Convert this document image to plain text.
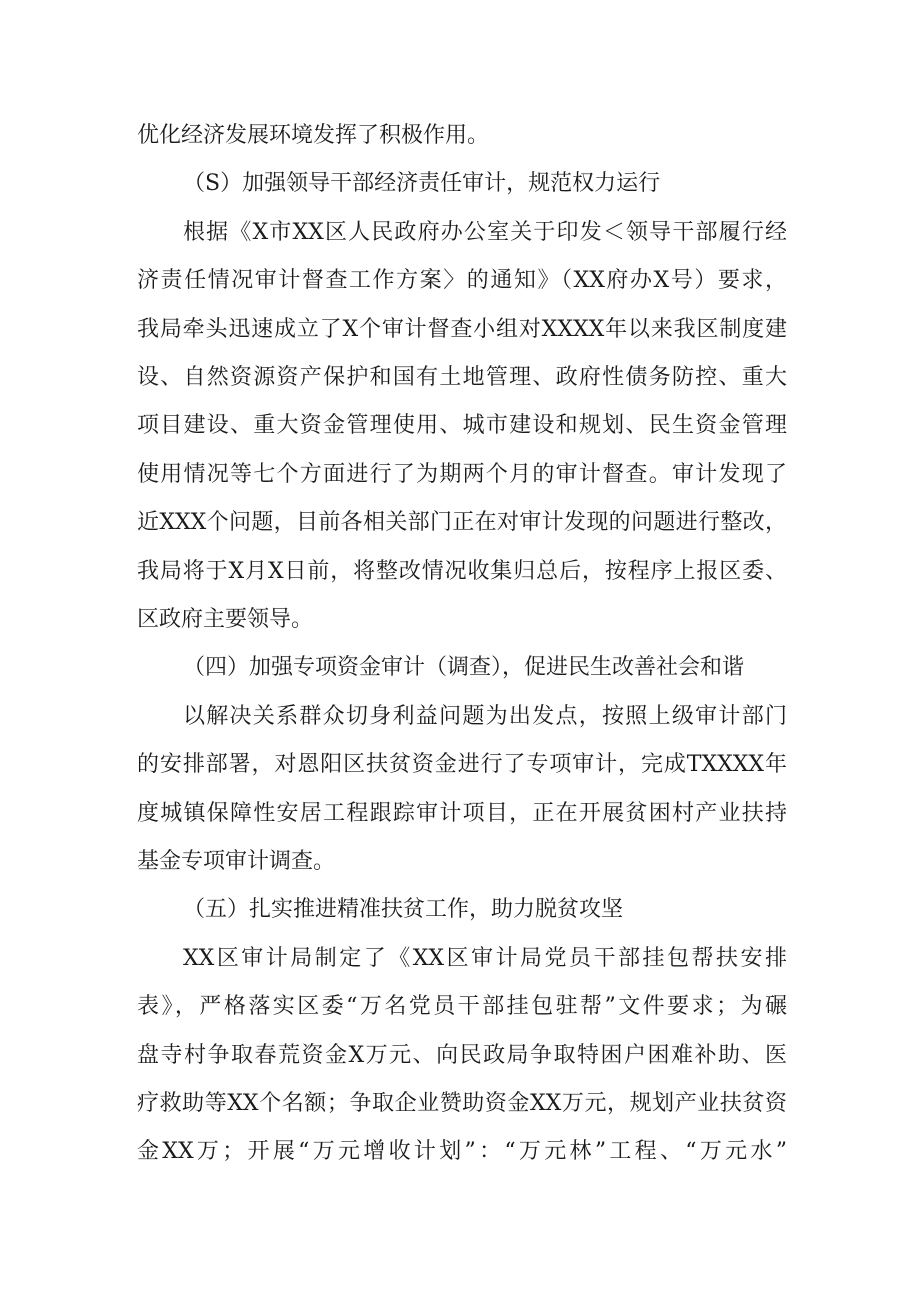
优化经济发展环境发挥了积极作用。
（S）加强领导干部经济责任审计，规范权力运行
根据《X市XX区人民政府办公室关于印发＜领导干部履行经
济责任情况审计督查工作方案〉的通知》（XX府办X号）要求，
我局牵头迅速成立了X个审计督查小组对XXXX年以来我区制度建
设、自然资源资产保护和国有土地管理、政府性债务防控、重大
项目建设、重大资金管理使用、城市建设和规划、民生资金管理
使用情况等七个方面进行了为期两个月的审计督查。审计发现了
近XXX个问题，目前各相关部门正在对审计发现的问题进行整改，
我局将于X月X日前，将整改情况收集归总后，按程序上报区委、
区政府主要领导。
（四）加强专项资金审计（调查），促进民生改善社会和谐
以解决关系群众切身利益问题为出发点，按照上级审计部门
的安排部署，对恩阳区扶贫资金进行了专项审计，完成TXXXX年
度城镇保障性安居工程跟踪审计项目，正在开展贫困村产业扶持
基金专项审计调查。
（五）扎实推进精准扶贫工作，助力脱贫攻坚
XX区审计局制定了《XX区审计局党员干部挂包帮扶安排
表》，严格落实区委“万名党员干部挂包驻帮”文件要求；为碾
盘寺村争取春荒资金X万元、向民政局争取特困户困难补助、医
疗救助等XX个名额；争取企业赞助资金XX万元，规划产业扶贫资
金XX万；开展“万元增收计划”：“万元林”工程、“万元水”
